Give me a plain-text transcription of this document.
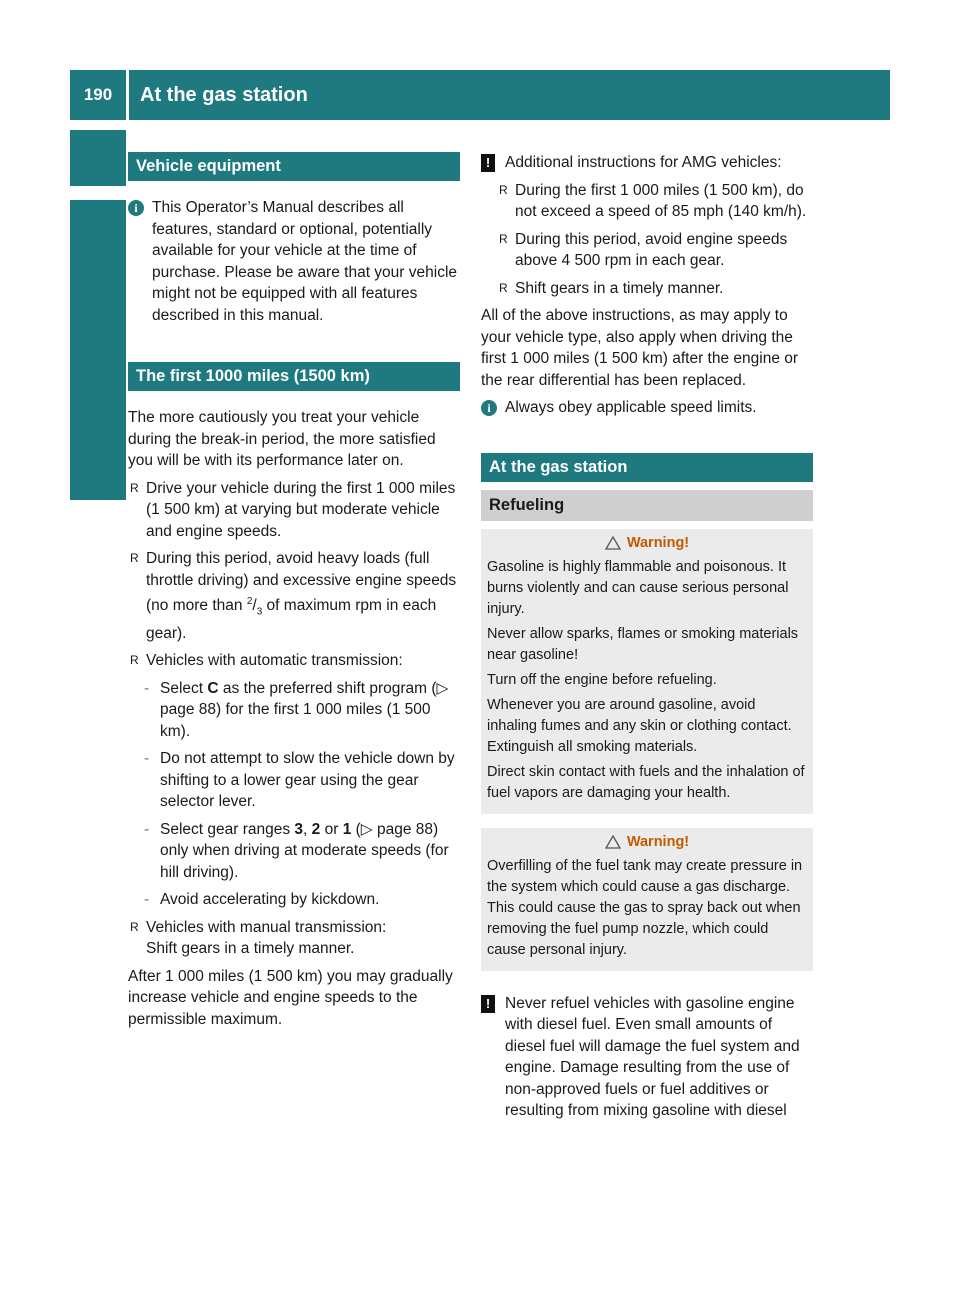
190	At the gas station
Operation
Vehicle equipment
i This Operator’s Manual describes all features, standard or optional, potentially available for your vehicle at the time of purchase. Please be aware that your vehicle might not be equipped with all features described in this manual.
The first 1000 miles (1500 km)

The more cautiously you treat your vehicle during the break-in period, the more satisfied you will be with its performance later on.

R Drive your vehicle during the first 1 000 miles (1 500 km) at varying but moderate vehicle and engine speeds.
R During this period, avoid heavy loads (full throttle driving) and excessive engine speeds (no more than $^2/_3$ of maximum rpm in each gear).
R Vehicles with automatic transmission:
- Select C as the preferred shift program (▷ page 88) for the first 1 000 miles (1 500 km).
- Do not attempt to slow the vehicle down by shifting to a lower gear using the gear selector lever.
- Select gear ranges 3, 2 or 1 (▷ page 88) only when driving at moderate speeds (for hill driving).
- Avoid accelerating by kickdown.
R Vehicles with manual transmission:
Shift gears in a timely manner.

After 1 000 miles (1 500 km) you may gradually increase vehicle and engine speeds to the permissible maximum.

! Additional instructions for AMG vehicles:
R During the first 1 000 miles (1 500 km), do not exceed a speed of 85 mph (140 km/h).
R During this period, avoid engine speeds above 4 500 rpm in each gear.
R Shift gears in a timely manner.

All of the above instructions, as may apply to your vehicle type, also apply when driving the first 1 000 miles (1 500 km) after the engine or the rear differential has been replaced.

i Always obey applicable speed limits.
At the gas station
Refueling
Warning!

Gasoline is highly flammable and poisonous. It burns violently and can cause serious personal injury.

Never allow sparks, flames or smoking materials near gasoline!

Turn off the engine before refueling.

Whenever you are around gasoline, avoid inhaling fumes and any skin or clothing contact. Extinguish all smoking materials.

Direct skin contact with fuels and the inhalation of fuel vapors are damaging your health.

Warning!

Overfilling of the fuel tank may create pressure in the system which could cause a gas discharge. This could cause the gas to spray back out when removing the fuel pump nozzle, which could cause personal injury.

! Never refuel vehicles with gasoline engine with diesel fuel. Even small amounts of diesel fuel will damage the fuel system and engine. Damage resulting from the use of non-approved fuels or fuel additives or resulting from mixing gasoline with diesel
